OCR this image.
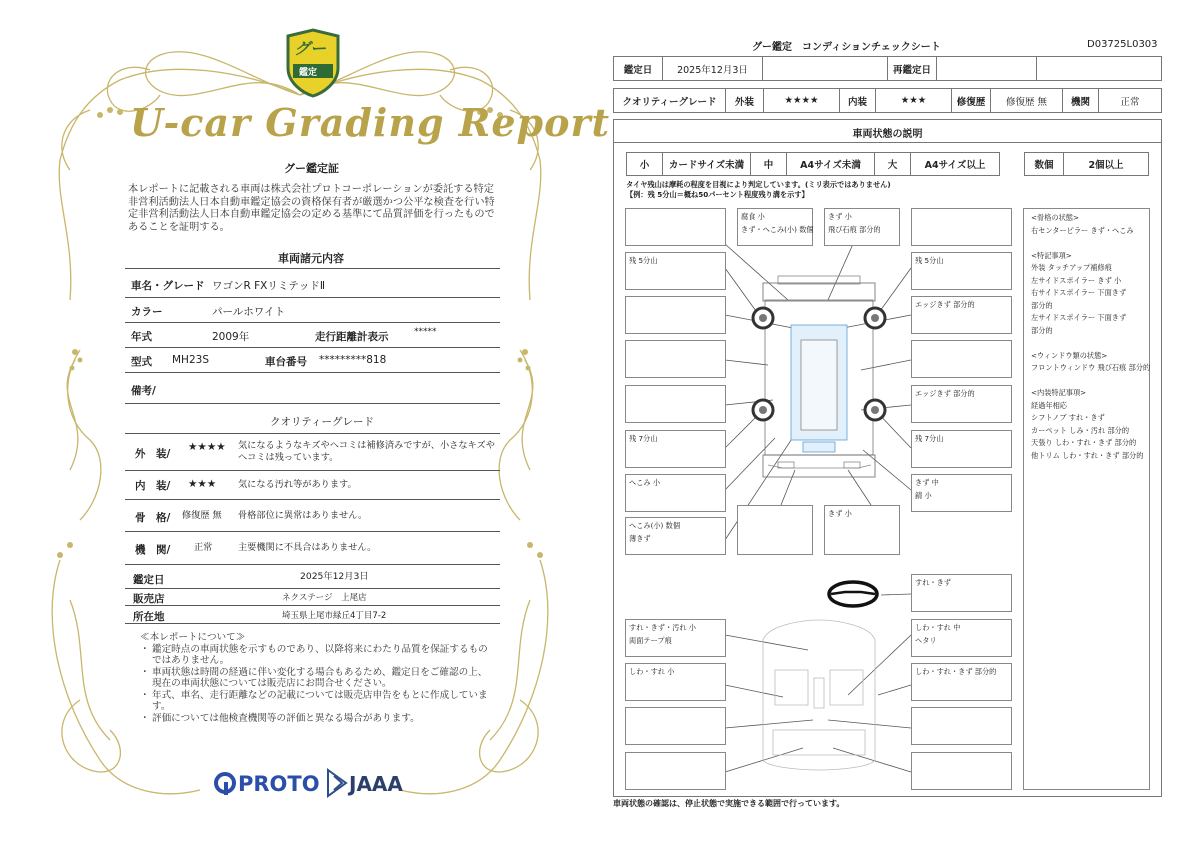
グー
鑑定
U-car Grading Report
グー鑑定証
本レポートに記載される車両は株式会社プロトコーポレーションが委託する特定非営利活動法人日本自動車鑑定協会の資格保有者が厳選かつ公平な検査を行い特定非営利活動法人日本自動車鑑定協会の定める基準にて品質評価を行ったものであることを証明する。
車両諸元内容
車名・グレード ワゴンR FXリミテッドⅡ
カラー	パールホワイト
年式	2009年	走行距離計表示	*****
型式 MH23S	車台番号 *********818
備考/
クオリティーグレード
外　装/
★★★★ 気になるようなキズやヘコミは補修済みですが、小さなキズやヘコミは残っています。
内　装/ ★★★ 気になる汚れ等があります。
骨　格/ 修復歴 無 骨格部位に異常はありません。
機　関/	正常	主要機関に不具合はありません。
鑑定日	2025年12月3日
販売店	ネクステージ　上尾店
所在地	埼玉県上尾市緑丘4丁目7-2
≪本レポートについて≫
・ 鑑定時点の車両状態を示すものであり、以降将来にわたり品質を保証するものではありません。
・ 車両状態は時間の経過に伴い変化する場合もあるため、鑑定日をご確認の上、現在の車両状態については販売店にお問合せください。
・ 年式、車名、走行距離などの記載については販売店申告をもとに作成しています。
・ 評価については他検査機関等の評価と異なる場合があります。
PROTO JAAA
グー鑑定　コンディションチェックシート	D03725L0303
鑑定日	2025年12月3日	再鑑定日
クオリティーグレード	外装	★★★★	内装	★★★	修復歴	修復歴 無	機関	正常
車両状態の説明
小	カードサイズ未満	中	A4サイズ未満	大	A4サイズ以上	数個	2個以上
タイヤ残山は摩耗の程度を目視により判定しています。(ミリ表示ではありません)
【例：残 5分山＝概ね50パーセント程度残り溝を示す】
腐食 小
きず・へこみ(小) 数個
きず 小
飛び石痕 部分的
残 5分山	残 5分山
エッジきず 部分的
エッジきず 部分的
残 7分山	残 7分山
へこみ 小	きず 中
錆 小
へこみ(小) 数個
薄きず
きず 小
すれ・きず
すれ・きず・汚れ 小
両面テープ痕
しわ・すれ 中
ヘタリ
しわ・すれ 小	しわ・すれ・きず 部分的
<骨格の状態>
右センターピラー きず・へこみ

<特記事項>
外装 タッチアップ補修痕
左サイドスポイラー きず 小
右サイドスポイラー 下面きず
部分的
左サイドスポイラー 下面きず
部分的

<ウィンドウ類の状態>
フロントウィンドウ 飛び石痕 部分的

<内装特記事項>
経過年相応
シフトノブ すれ・きず
カーペット しみ・汚れ 部分的
天張り しわ・すれ・きず 部分的
他トリム しわ・すれ・きず 部分的
車両状態の確認は、停止状態で実施できる範囲で行っています。
